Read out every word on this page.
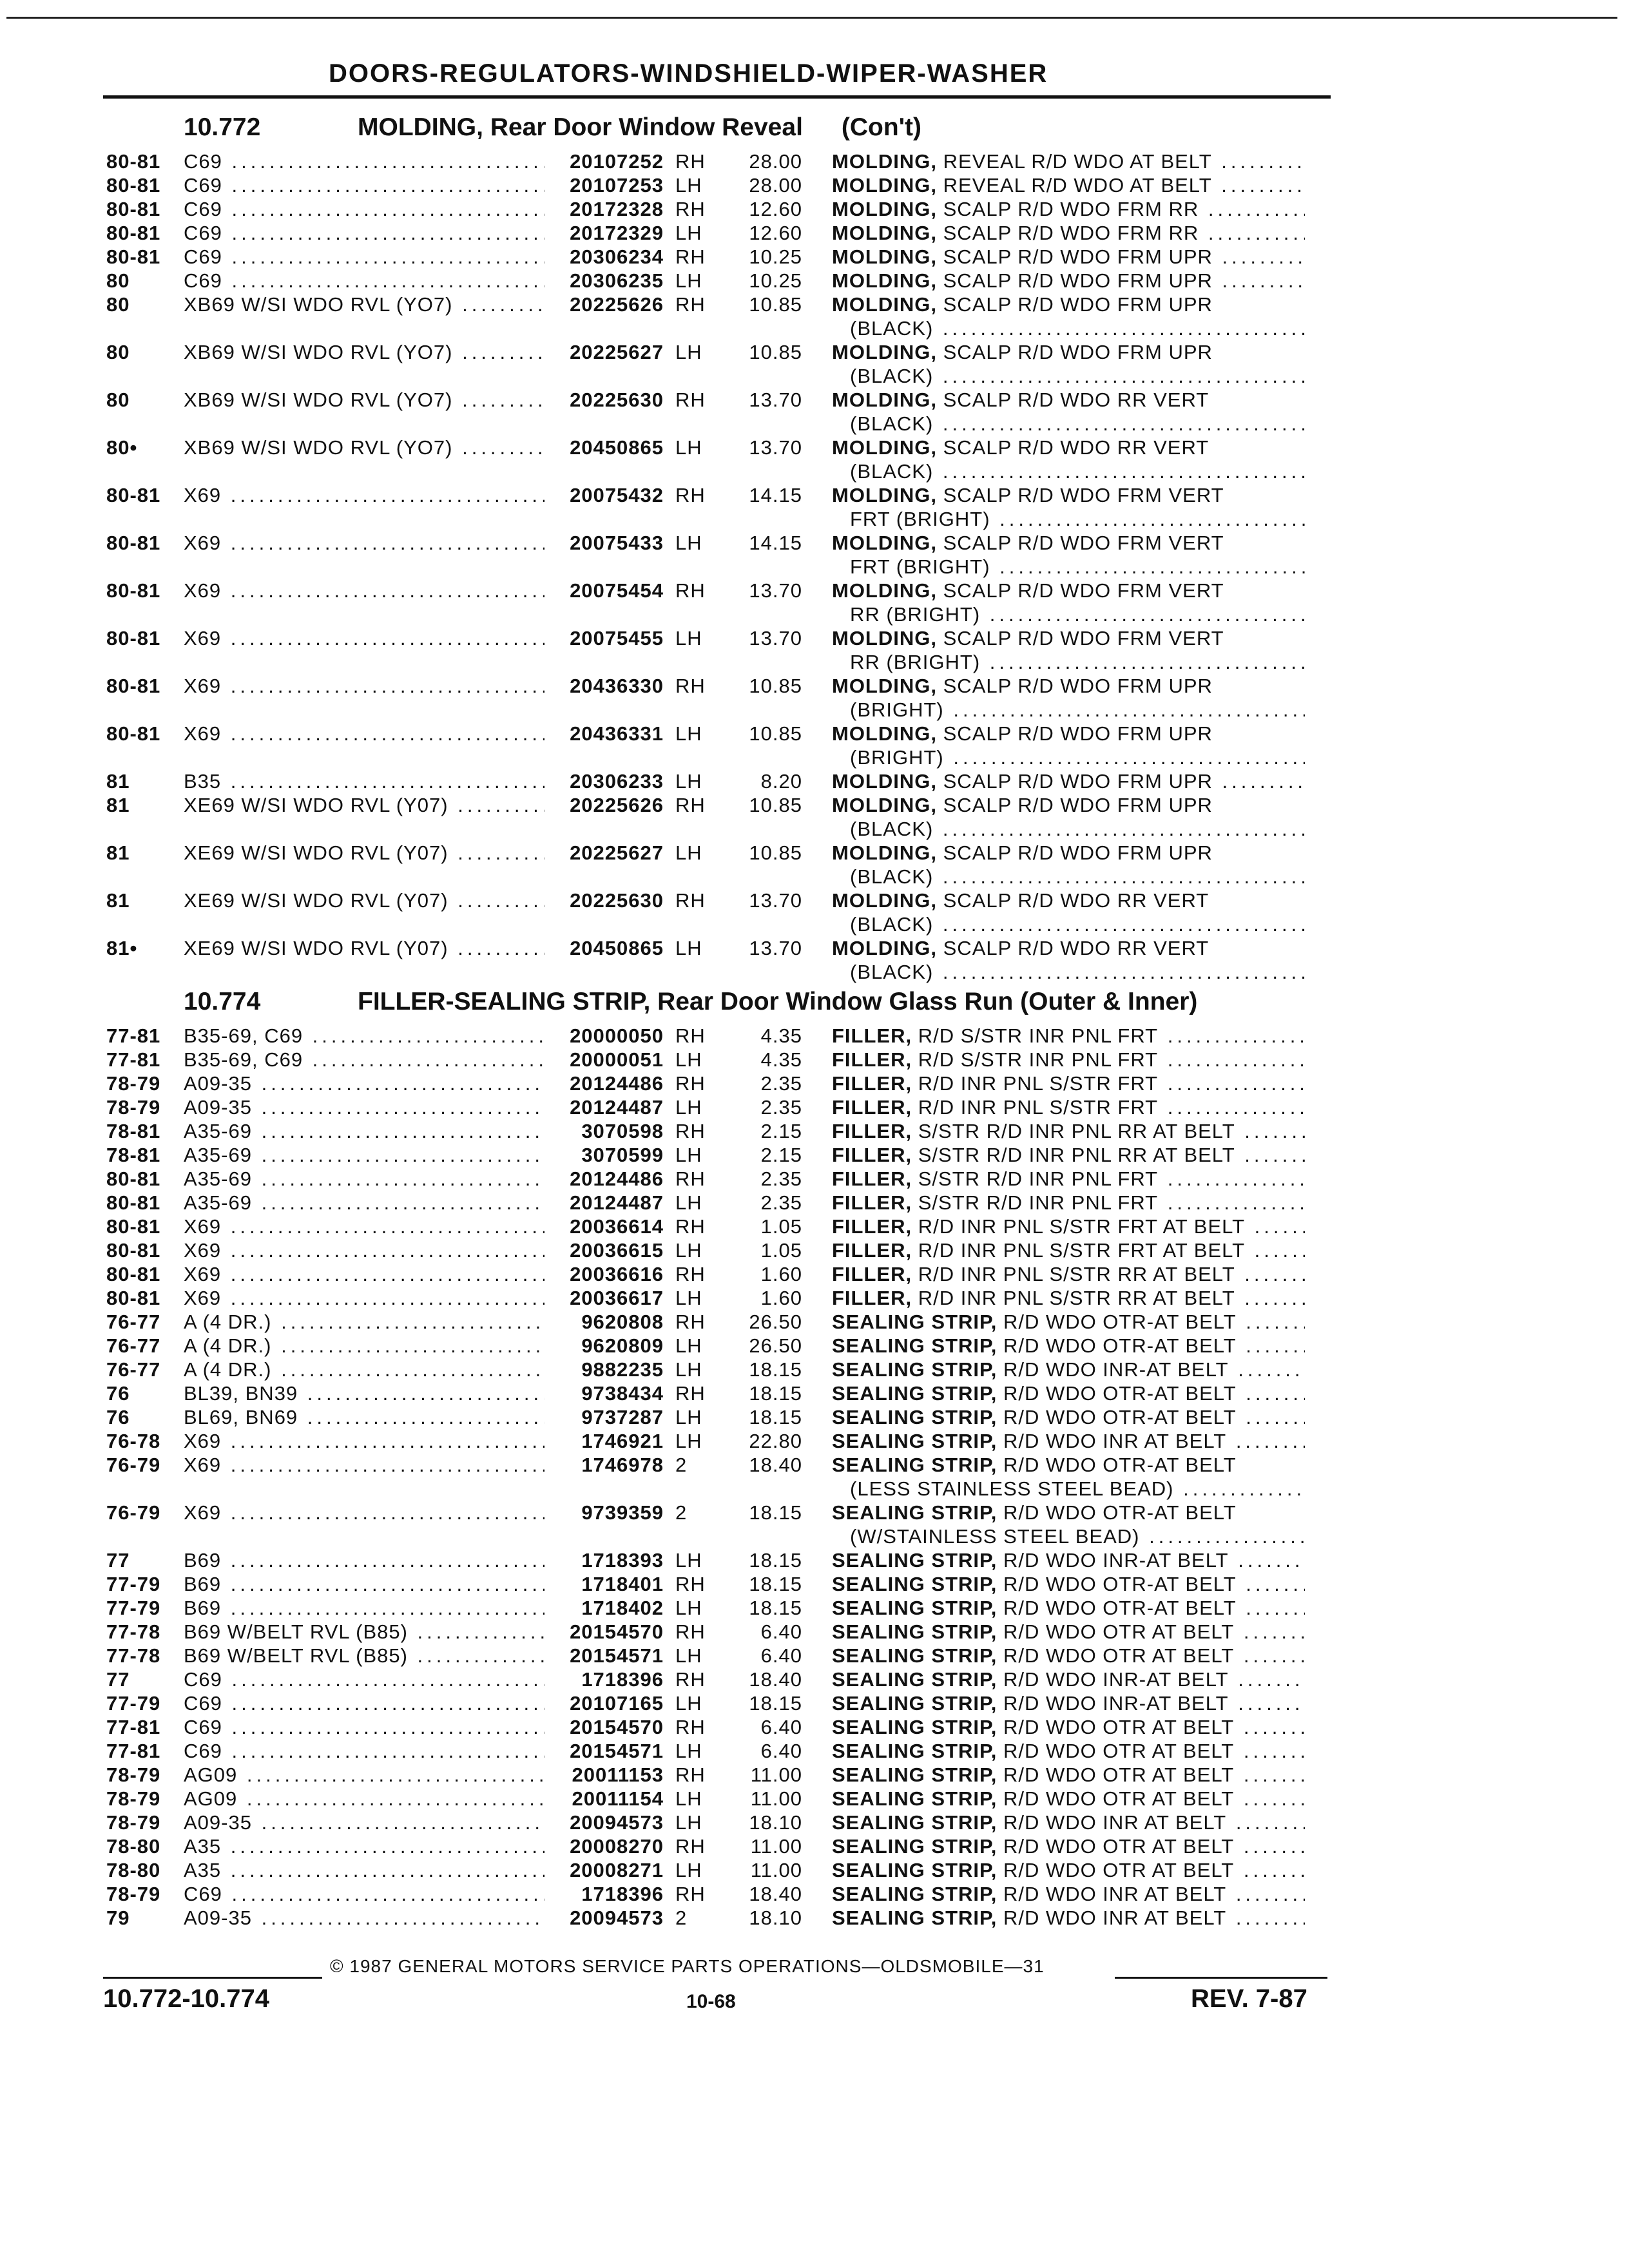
DOORS-REGULATORS-WINDSHIELD-WIPER-WASHER
10.772	MOLDING, Rear Door Window Reveal (Con't)
80-81	C69 .....	20107252 RH	28.00	MOLDING, REVEAL R/D WDO AT BELT .....
80-81	C69 .....	20107253 LH	28.00	MOLDING, REVEAL R/D WDO AT BELT .....
80-81	C69 .....	20172328 RH	12.60	MOLDING, SCALP R/D WDO FRM RR .....
80-81	C69 .....	20172329 LH	12.60	MOLDING, SCALP R/D WDO FRM RR .....
80-81	C69 .....	20306234 RH	10.25	MOLDING, SCALP R/D WDO FRM UPR .....
80	C69 .....	20306235 LH	10.25	MOLDING, SCALP R/D WDO FRM UPR .....
80	XB69 W/SI WDO RVL (YO7) .....	20225626 RH	10.85	MOLDING, SCALP R/D WDO FRM UPR
(BLACK) .....
80	XB69 W/SI WDO RVL (YO7) .....	20225627 LH	10.85	MOLDING, SCALP R/D WDO FRM UPR
(BLACK) .....
80	XB69 W/SI WDO RVL (YO7) .....	20225630 RH	13.70	MOLDING, SCALP R/D WDO RR VERT
(BLACK) .....
80•	XB69 W/SI WDO RVL (YO7) .....	20450865 LH	13.70	MOLDING, SCALP R/D WDO RR VERT
(BLACK) .....
80-81	X69 .....	20075432 RH	14.15	MOLDING, SCALP R/D WDO FRM VERT
FRT (BRIGHT) .....
80-81	X69 .....	20075433 LH	14.15	MOLDING, SCALP R/D WDO FRM VERT
FRT (BRIGHT) .....
80-81	X69 .....	20075454 RH	13.70	MOLDING, SCALP R/D WDO FRM VERT
RR (BRIGHT) .....
80-81	X69 .....	20075455 LH	13.70	MOLDING, SCALP R/D WDO FRM VERT
RR (BRIGHT) .....
80-81	X69 .....	20436330 RH	10.85	MOLDING, SCALP R/D WDO FRM UPR
(BRIGHT) .....
80-81	X69 .....	20436331 LH	10.85	MOLDING, SCALP R/D WDO FRM UPR
(BRIGHT) .....
81	B35 .....	20306233 LH	8.20	MOLDING, SCALP R/D WDO FRM UPR .....
81	XE69 W/SI WDO RVL (Y07) .....	20225626 RH	10.85	MOLDING, SCALP R/D WDO FRM UPR
(BLACK) .....
81	XE69 W/SI WDO RVL (Y07) .....	20225627 LH	10.85	MOLDING, SCALP R/D WDO FRM UPR
(BLACK) .....
81	XE69 W/SI WDO RVL (Y07) .....	20225630 RH	13.70	MOLDING, SCALP R/D WDO RR VERT
(BLACK) .....
81•	XE69 W/SI WDO RVL (Y07) .....	20450865 LH	13.70	MOLDING, SCALP R/D WDO RR VERT
(BLACK) .....
10.774	FILLER-SEALING STRIP, Rear Door Window Glass Run (Outer & Inner)
77-81	B35-69, C69 .....	20000050 RH	4.35	FILLER, R/D S/STR INR PNL FRT .....
77-81	B35-69, C69 .....	20000051 LH	4.35	FILLER, R/D S/STR INR PNL FRT .....
78-79	A09-35 .....	20124486 RH	2.35	FILLER, R/D INR PNL S/STR FRT .....
78-79	A09-35 .....	20124487 LH	2.35	FILLER, R/D INR PNL S/STR FRT .....
78-81	A35-69 .....	3070598 RH	2.15	FILLER, S/STR R/D INR PNL RR AT BELT .....
78-81	A35-69 .....	3070599 LH	2.15	FILLER, S/STR R/D INR PNL RR AT BELT .....
80-81	A35-69 .....	20124486 RH	2.35	FILLER, S/STR R/D INR PNL FRT .....
80-81	A35-69 .....	20124487 LH	2.35	FILLER, S/STR R/D INR PNL FRT .....
80-81	X69 .....	20036614 RH	1.05	FILLER, R/D INR PNL S/STR FRT AT BELT .....
80-81	X69 .....	20036615 LH	1.05	FILLER, R/D INR PNL S/STR FRT AT BELT .....
80-81	X69 .....	20036616 RH	1.60	FILLER, R/D INR PNL S/STR RR AT BELT .....
80-81	X69 .....	20036617 LH	1.60	FILLER, R/D INR PNL S/STR RR AT BELT .....
76-77	A (4 DR.) .....	9620808 RH	26.50	SEALING STRIP, R/D WDO OTR-AT BELT .....
76-77	A (4 DR.) .....	9620809 LH	26.50	SEALING STRIP, R/D WDO OTR-AT BELT .....
76-77	A (4 DR.) .....	9882235 LH	18.15	SEALING STRIP, R/D WDO INR-AT BELT .....
76	BL39, BN39 .....	9738434 RH	18.15	SEALING STRIP, R/D WDO OTR-AT BELT .....
76	BL69, BN69 .....	9737287 LH	18.15	SEALING STRIP, R/D WDO OTR-AT BELT .....
76-78	X69 .....	1746921 LH	22.80	SEALING STRIP, R/D WDO INR AT BELT .....
76-79	X69 .....	1746978 2	18.40	SEALING STRIP, R/D WDO OTR-AT BELT
(LESS STAINLESS STEEL BEAD) .....
76-79	X69 .....	9739359 2	18.15	SEALING STRIP, R/D WDO OTR-AT BELT
(W/STAINLESS STEEL BEAD) .....
77	B69 .....	1718393 LH	18.15	SEALING STRIP, R/D WDO INR-AT BELT .....
77-79	B69 .....	1718401 RH	18.15	SEALING STRIP, R/D WDO OTR-AT BELT .....
77-79	B69 .....	1718402 LH	18.15	SEALING STRIP, R/D WDO OTR-AT BELT .....
77-78	B69 W/BELT RVL (B85) .....	20154570 RH	6.40	SEALING STRIP, R/D WDO OTR AT BELT .....
77-78	B69 W/BELT RVL (B85) .....	20154571 LH	6.40	SEALING STRIP, R/D WDO OTR AT BELT .....
77	C69 .....	1718396 RH	18.40	SEALING STRIP, R/D WDO INR-AT BELT .....
77-79	C69 .....	20107165 LH	18.15	SEALING STRIP, R/D WDO INR-AT BELT .....
77-81	C69 .....	20154570 RH	6.40	SEALING STRIP, R/D WDO OTR AT BELT .....
77-81	C69 .....	20154571 LH	6.40	SEALING STRIP, R/D WDO OTR AT BELT .....
78-79	AG09 .....	20011153 RH	11.00	SEALING STRIP, R/D WDO OTR AT BELT .....
78-79	AG09 .....	20011154 LH	11.00	SEALING STRIP, R/D WDO OTR AT BELT .....
78-79	A09-35 .....	20094573 LH	18.10	SEALING STRIP, R/D WDO INR AT BELT .....
78-80	A35 .....	20008270 RH	11.00	SEALING STRIP, R/D WDO OTR AT BELT .....
78-80	A35 .....	20008271 LH	11.00	SEALING STRIP, R/D WDO OTR AT BELT .....
78-79	C69 .....	1718396 RH	18.40	SEALING STRIP, R/D WDO INR AT BELT .....
79	A09-35 .....	20094573 2	18.10	SEALING STRIP, R/D WDO INR AT BELT .....
© 1987 GENERAL MOTORS SERVICE PARTS OPERATIONS—OLDSMOBILE—31
10.772-10.774	10-68	REV. 7-87
